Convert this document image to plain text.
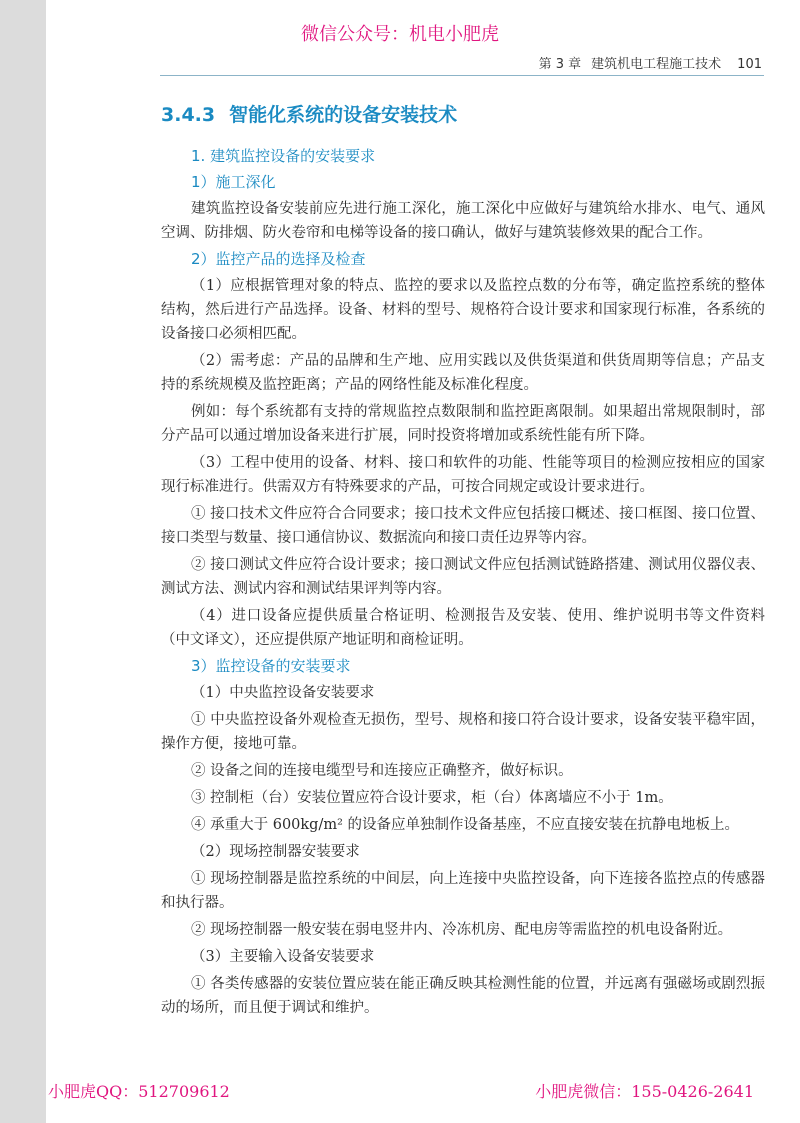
微信公众号：机电小肥虎
第 3 章 建筑机电工程施工技术 101
3.4.3 智能化系统的设备安装技术
1. 建筑监控设备的安装要求
1）施工深化

建筑监控设备安装前应先进行施工深化，施工深化中应做好与建筑给水排水、电气、通风空调、防排烟、防火卷帘和电梯等设备的接口确认，做好与建筑装修效果的配合工作。

2）监控产品的选择及检查

（1）应根据管理对象的特点、监控的要求以及监控点数的分布等，确定监控系统的整体结构，然后进行产品选择。设备、材料的型号、规格符合设计要求和国家现行标准，各系统的设备接口必须相匹配。

（2）需考虑：产品的品牌和生产地、应用实践以及供货渠道和供货周期等信息；产品支持的系统规模及监控距离；产品的网络性能及标准化程度。

例如：每个系统都有支持的常规监控点数限制和监控距离限制。如果超出常规限制时，部分产品可以通过增加设备来进行扩展，同时投资将增加或系统性能有所下降。

（3）工程中使用的设备、材料、接口和软件的功能、性能等项目的检测应按相应的国家现行标准进行。供需双方有特殊要求的产品，可按合同规定或设计要求进行。

① 接口技术文件应符合合同要求；接口技术文件应包括接口概述、接口框图、接口位置、接口类型与数量、接口通信协议、数据流向和接口责任边界等内容。

② 接口测试文件应符合设计要求；接口测试文件应包括测试链路搭建、测试用仪器仪表、测试方法、测试内容和测试结果评判等内容。

（4）进口设备应提供质量合格证明、检测报告及安装、使用、维护说明书等文件资料（中文译文），还应提供原产地证明和商检证明。

3）监控设备的安装要求

（1）中央监控设备安装要求

① 中央监控设备外观检查无损伤，型号、规格和接口符合设计要求，设备安装平稳牢固，操作方便，接地可靠。

② 设备之间的连接电缆型号和连接应正确整齐，做好标识。

③ 控制柜（台）安装位置应符合设计要求，柜（台）体离墙应不小于 1m。

④ 承重大于 600kg/m² 的设备应单独制作设备基座，不应直接安装在抗静电地板上。

（2）现场控制器安装要求

① 现场控制器是监控系统的中间层，向上连接中央监控设备，向下连接各监控点的传感器和执行器。

② 现场控制器一般安装在弱电竖井内、冷冻机房、配电房等需监控的机电设备附近。

（3）主要输入设备安装要求

① 各类传感器的安装位置应装在能正确反映其检测性能的位置，并远离有强磁场或剧烈振动的场所，而且便于调试和维护。

小肥虎QQ：512709612	小肥虎微信：155-0426-2641
